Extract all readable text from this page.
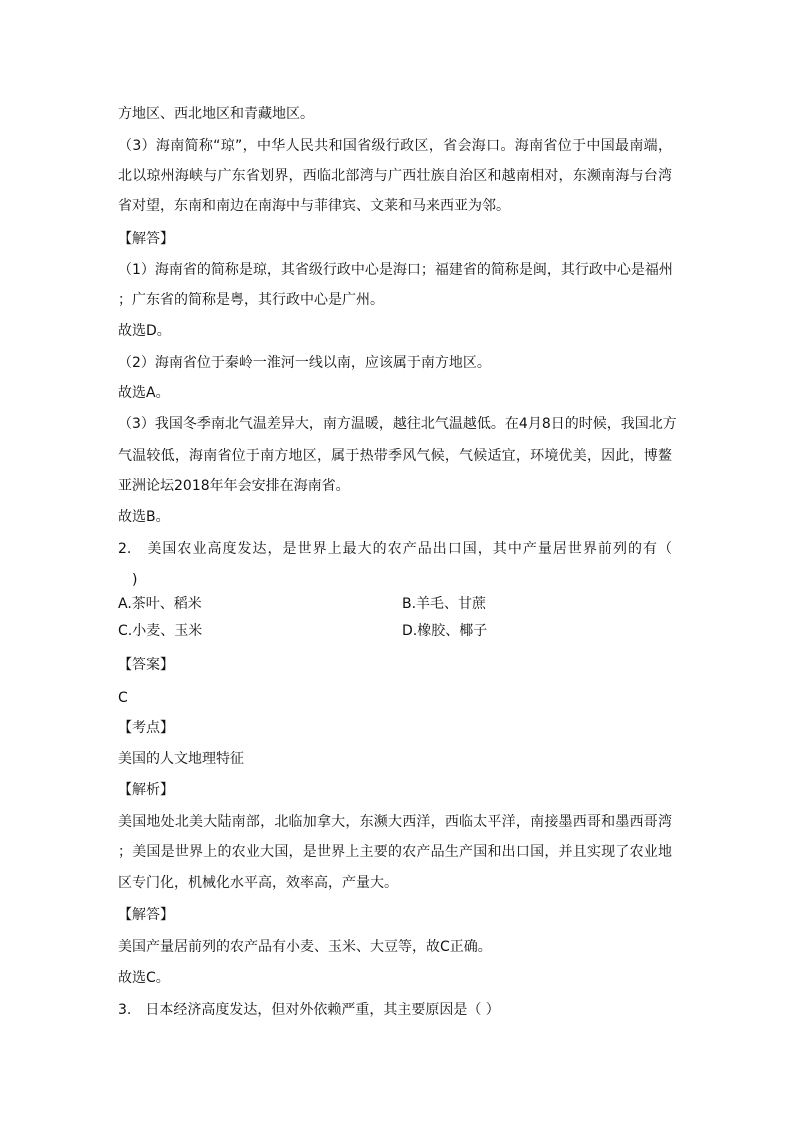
方地区、西北地区和青藏地区。
（3）海南简称“琼”，中华人民共和国省级行政区，省会海口。海南省位于中国最南端，
北以琼州海峡与广东省划界，西临北部湾与广西壮族自治区和越南相对，东濒南海与台湾
省对望，东南和南边在南海中与菲律宾、文莱和马来西亚为邻。
【解答】
（1）海南省的简称是琼，其省级行政中心是海口；福建省的简称是闽，其行政中心是福州
；广东省的简称是粤，其行政中心是广州。
故选D。
（2）海南省位于秦岭一淮河一线以南，应该属于南方地区。
故选A。
（3）我国冬季南北气温差异大，南方温暖，越往北气温越低。在4月8日的时候，我国北方
气温较低，海南省位于南方地区，属于热带季风气候，气候适宜，环境优美，因此，博鳌
亚洲论坛2018年年会安排在海南省。
故选B。
2.　美国农业高度发达，是世界上最大的农产品出口国，其中产量居世界前列的有（
　)
A.茶叶、稻米	B.羊毛、甘蔗
C.小麦、玉米	D.橡胶、椰子
【答案】
C
【考点】
美国的人文地理特征
【解析】
美国地处北美大陆南部，北临加拿大，东濒大西洋，西临太平洋，南接墨西哥和墨西哥湾
；美国是世界上的农业大国，是世界上主要的农产品生产国和出口国，并且实现了农业地
区专门化，机械化水平高，效率高，产量大。
【解答】
美国产量居前列的农产品有小麦、玉米、大豆等，故C正确。
故选C。
3.　日本经济高度发达，但对外依赖严重，其主要原因是（ ）
